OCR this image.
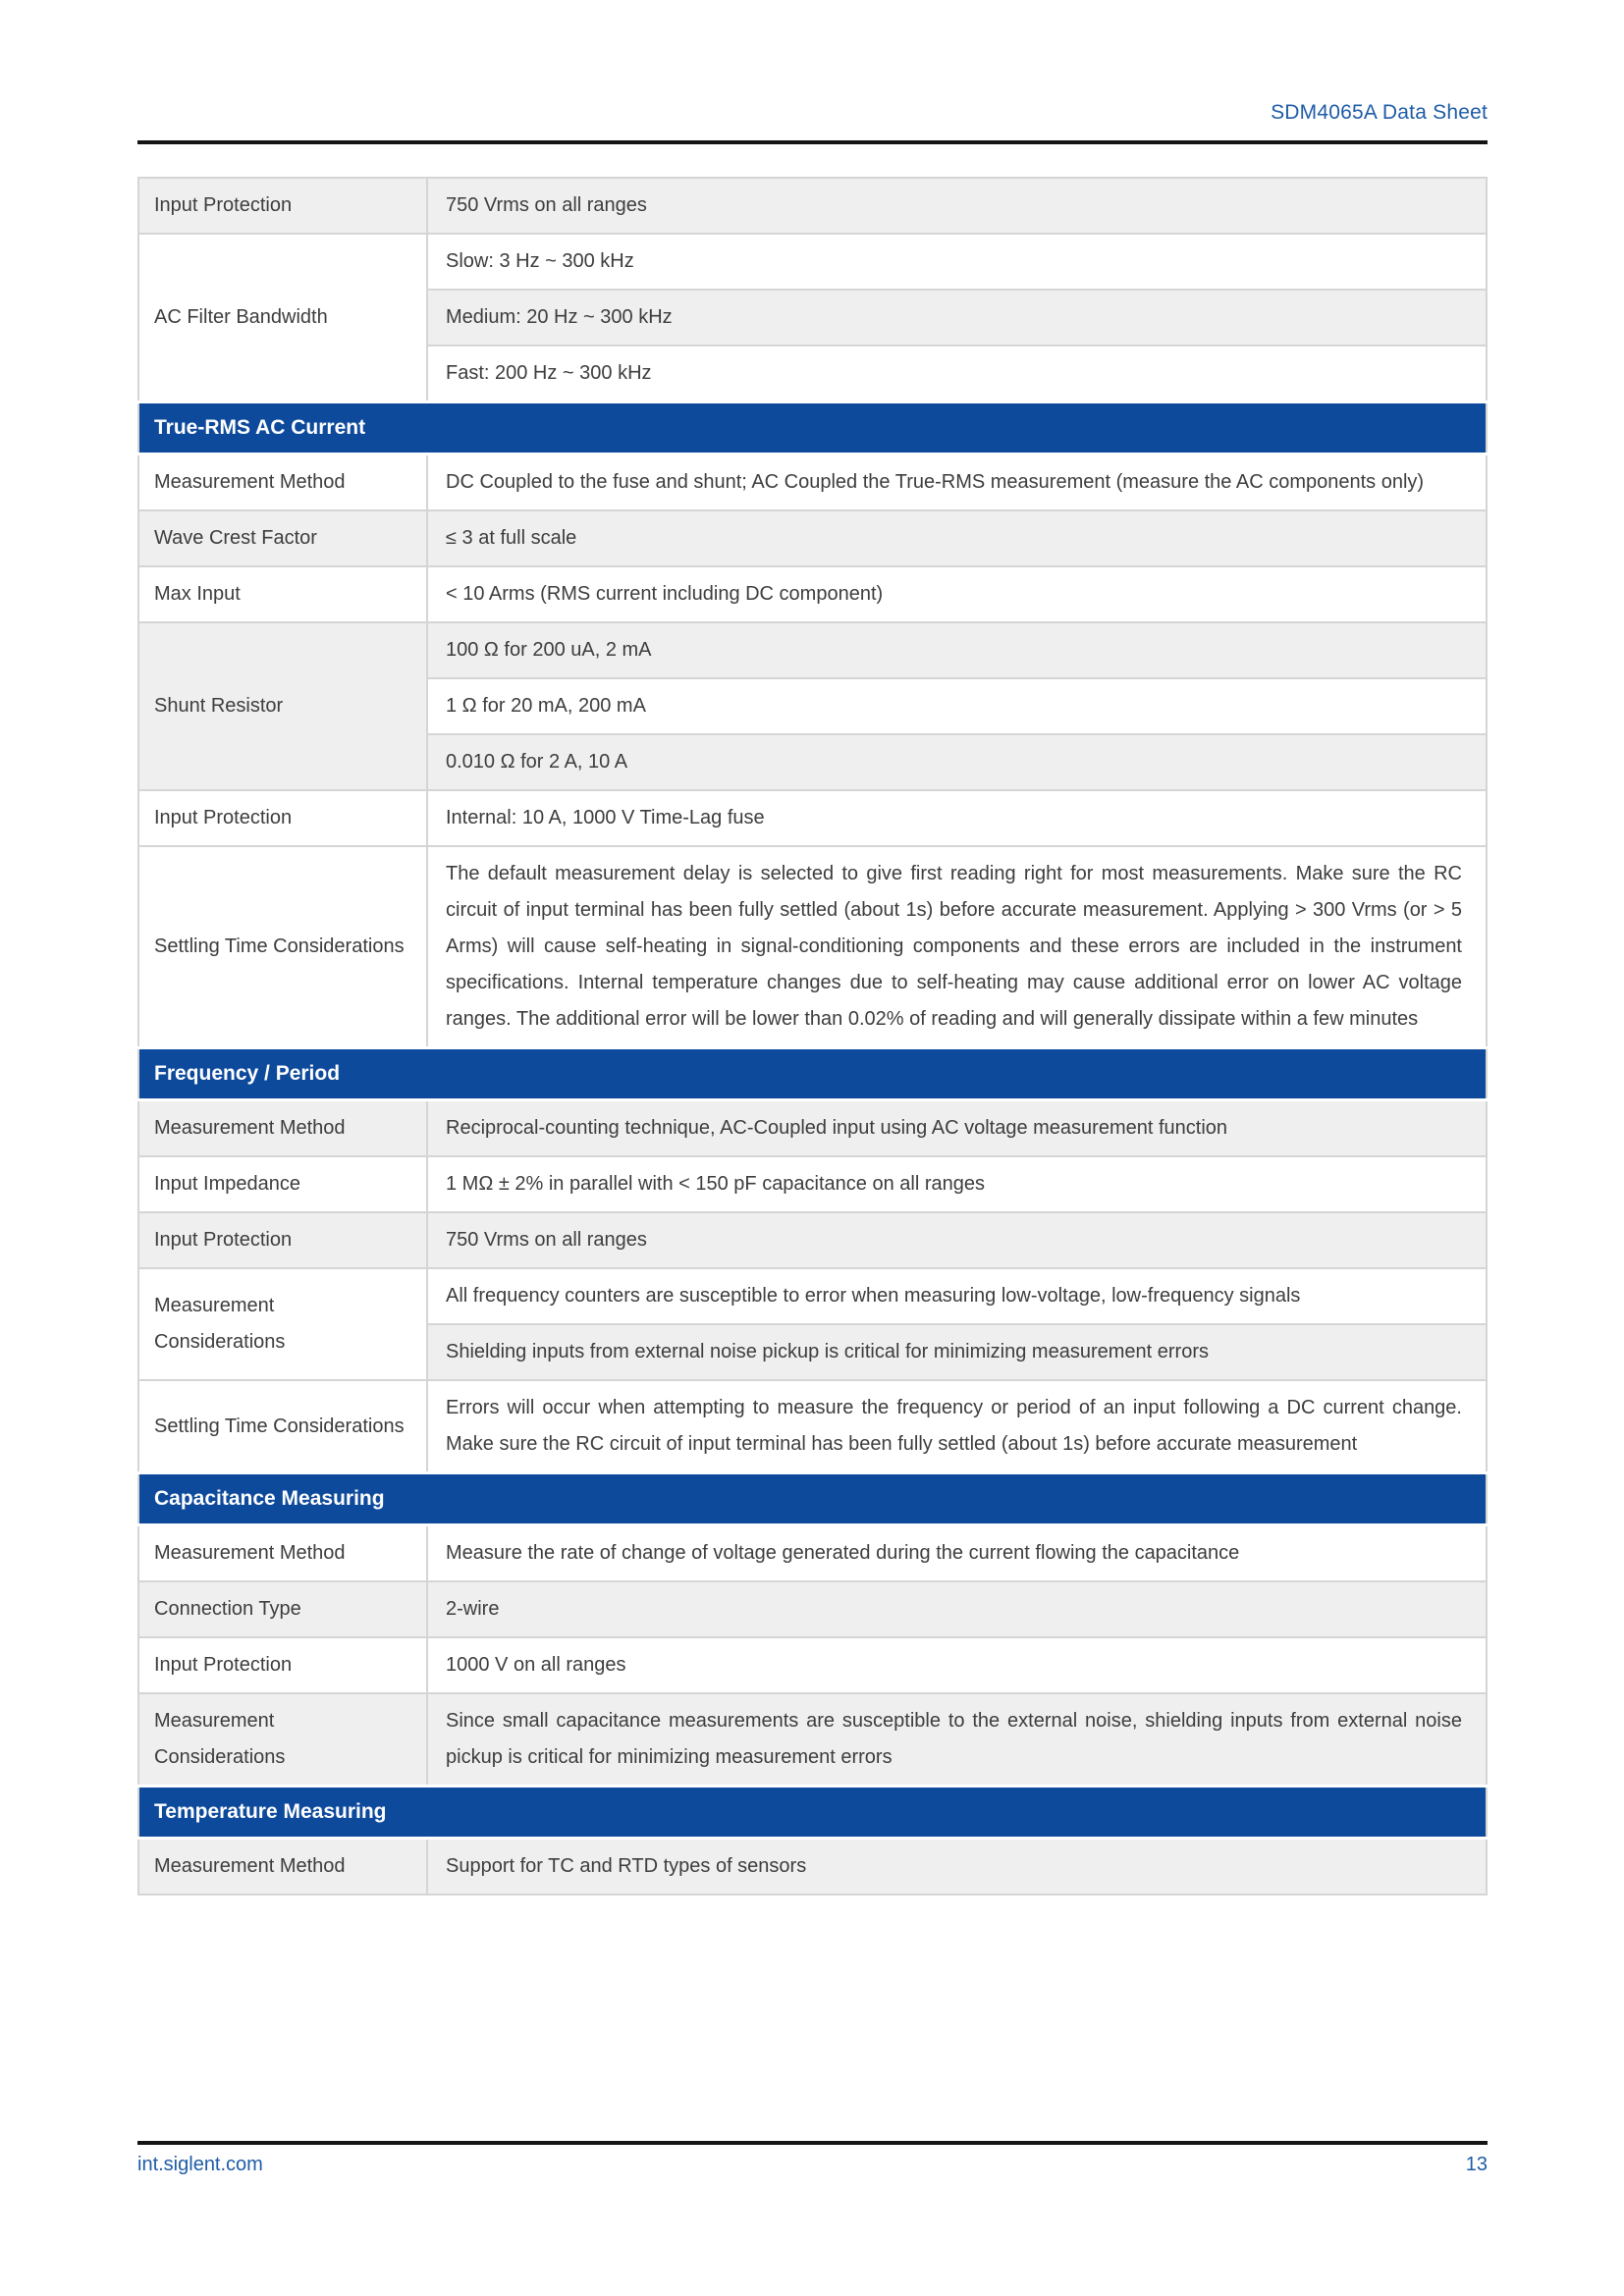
SDM4065A Data Sheet
Input Protection	750 Vrms on all ranges
AC Filter Bandwidth	Slow: 3 Hz ~ 300 kHz
	Medium: 20 Hz ~ 300 kHz
	Fast: 200 Hz ~ 300 kHz
True-RMS AC Current	
Measurement Method	DC Coupled to the fuse and shunt; AC Coupled the True-RMS measurement (measure the AC components only)
Wave Crest Factor	≤ 3 at full scale
Max Input	< 10 Arms (RMS current including DC component)
Shunt Resistor	100 Ω for 200 uA, 2 mA
	1 Ω for 20 mA, 200 mA
	0.010 Ω for 2 A, 10 A
Input Protection	Internal: 10 A, 1000 V Time-Lag fuse
Settling Time Considerations	The default measurement delay is selected to give first reading right for most measurements. Make sure the RC circuit of input terminal has been fully settled (about 1s) before accurate measurement. Applying > 300 Vrms (or > 5 Arms) will cause self-heating in signal-conditioning components and these errors are included in the instrument specifications. Internal temperature changes due to self-heating may cause additional error on lower AC voltage ranges. The additional error will be lower than 0.02% of reading and will generally dissipate within a few minutes
Frequency / Period	
Measurement Method	Reciprocal-counting technique, AC-Coupled input using AC voltage measurement function
Input Impedance	1 MΩ ± 2% in parallel with < 150 pF capacitance on all ranges
Input Protection	750 Vrms on all ranges
Measurement Considerations	All frequency counters are susceptible to error when measuring low-voltage, low-frequency signals
	Shielding inputs from external noise pickup is critical for minimizing measurement errors
Settling Time Considerations	Errors will occur when attempting to measure the frequency or period of an input following a DC current change. Make sure the RC circuit of input terminal has been fully settled (about 1s) before accurate measurement
Capacitance Measuring	
Measurement Method	Measure the rate of change of voltage generated during the current flowing the capacitance
Connection Type	2-wire
Input Protection	1000 V on all ranges
Measurement Considerations	Since small capacitance measurements are susceptible to the external noise, shielding inputs from external noise pickup is critical for minimizing measurement errors
Temperature Measuring	
Measurement Method	Support for TC and RTD types of sensors
int.siglent.com	13
